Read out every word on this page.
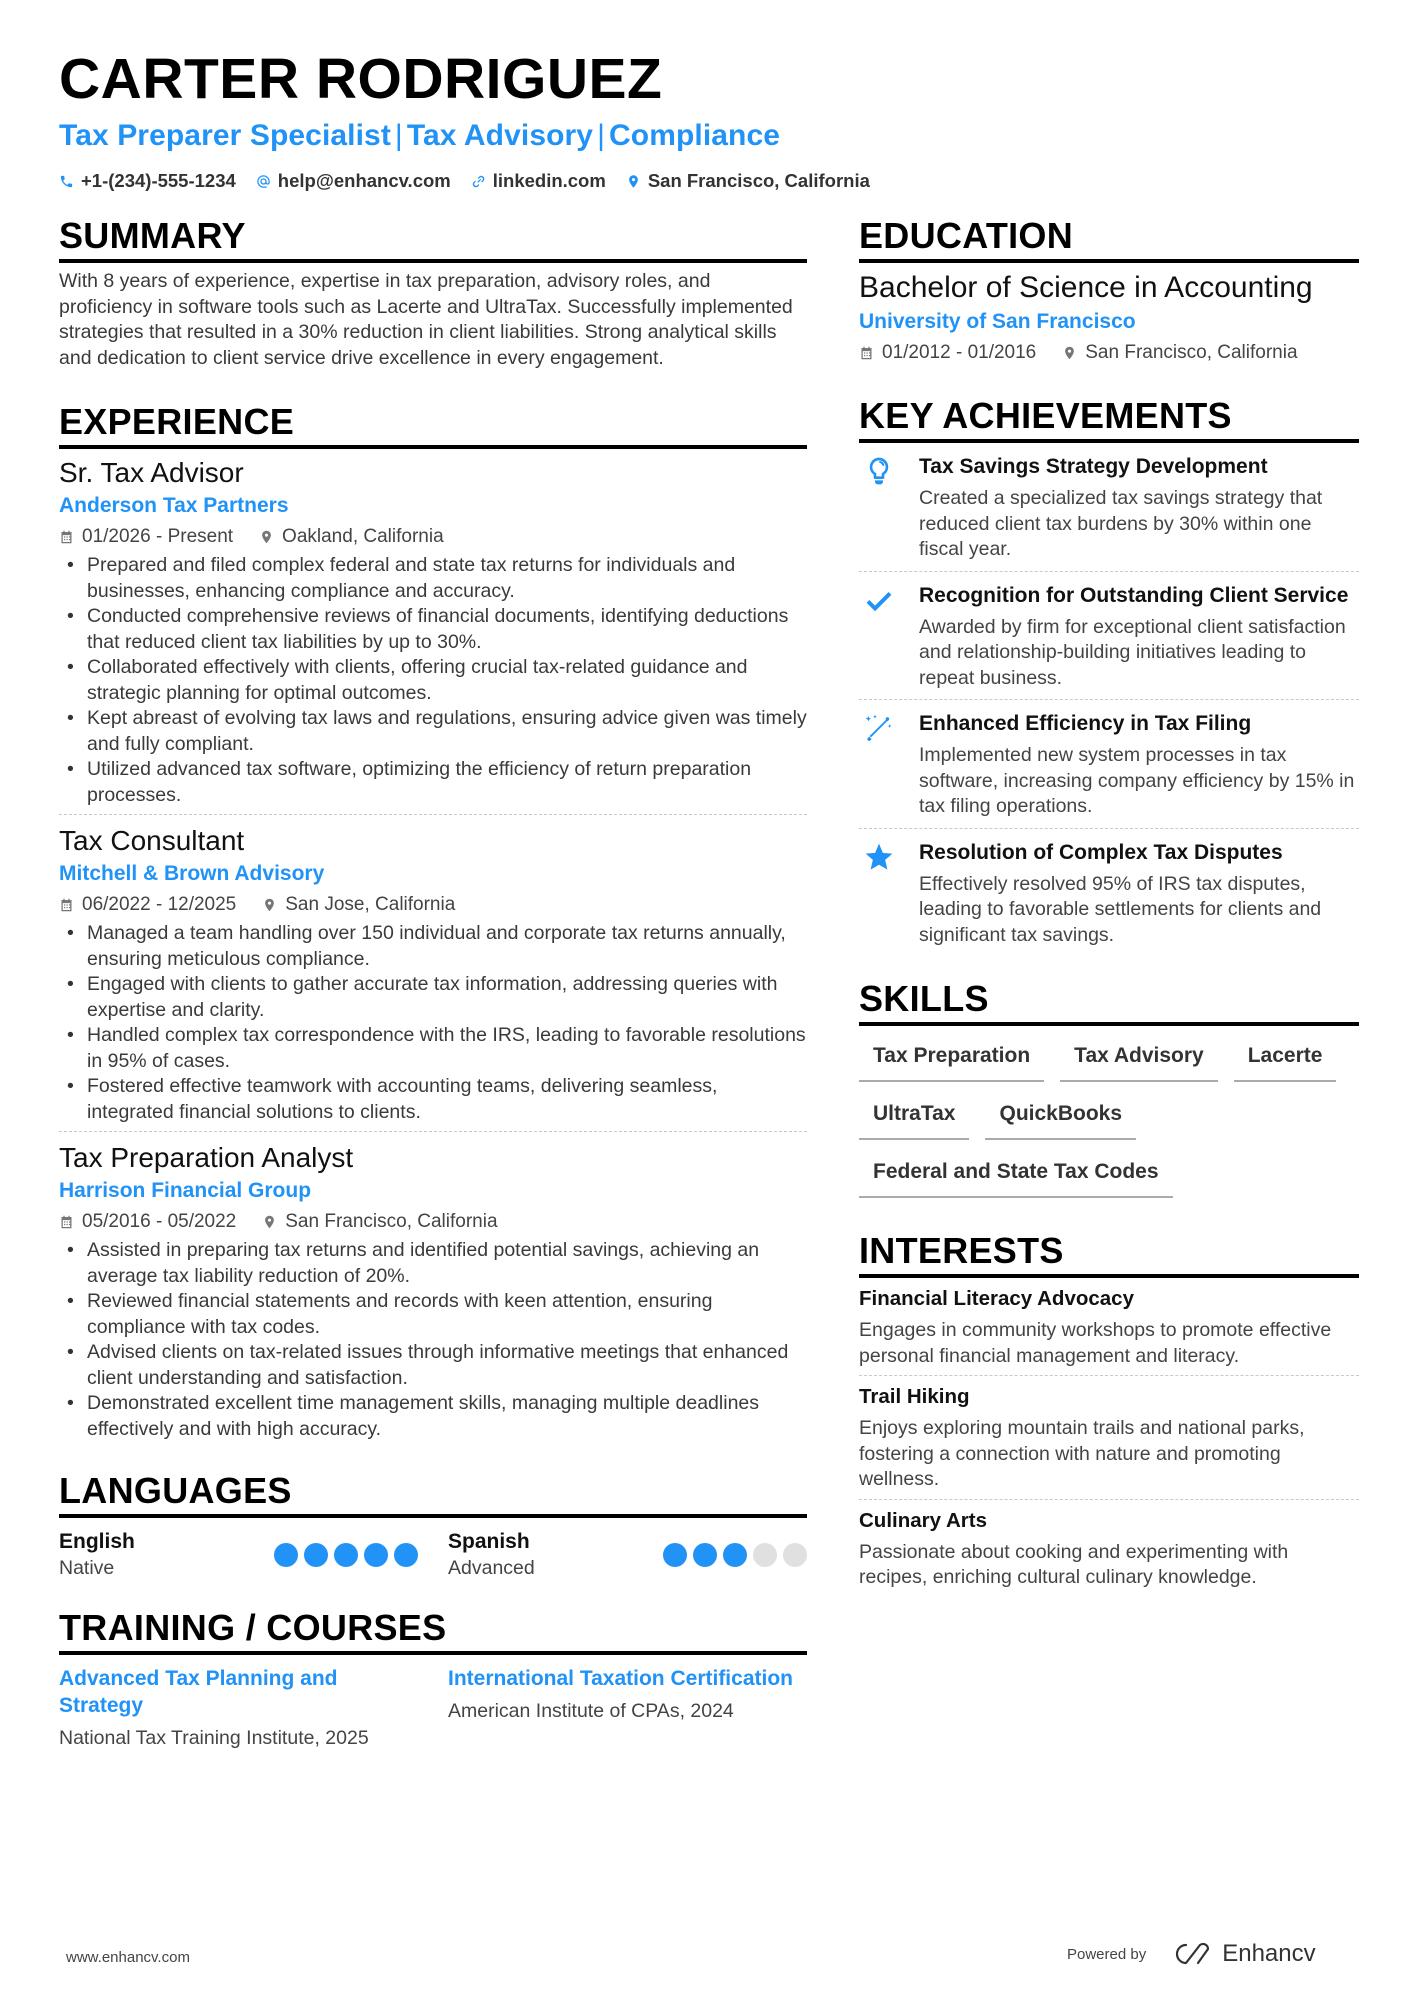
CARTER RODRIGUEZ
Tax Preparer Specialist | Tax Advisory | Compliance
+1-(234)-555-1234 help@enhancv.com linkedin.com San Francisco, California
SUMMARY
With 8 years of experience, expertise in tax preparation, advisory roles, and proficiency in software tools such as Lacerte and UltraTax. Successfully implemented strategies that resulted in a 30% reduction in client liabilities. Strong analytical skills and dedication to client service drive excellence in every engagement.
EXPERIENCE
Sr. Tax Advisor
Anderson Tax Partners
01/2026 - Present	Oakland, California
• Prepared and filed complex federal and state tax returns for individuals and businesses, enhancing compliance and accuracy.
• Conducted comprehensive reviews of financial documents, identifying deductions that reduced client tax liabilities by up to 30%.
• Collaborated effectively with clients, offering crucial tax-related guidance and strategic planning for optimal outcomes.
• Kept abreast of evolving tax laws and regulations, ensuring advice given was timely and fully compliant.
• Utilized advanced tax software, optimizing the efficiency of return preparation processes.
Tax Consultant
Mitchell & Brown Advisory
06/2022 - 12/2025	San Jose, California
• Managed a team handling over 150 individual and corporate tax returns annually, ensuring meticulous compliance.
• Engaged with clients to gather accurate tax information, addressing queries with expertise and clarity.
• Handled complex tax correspondence with the IRS, leading to favorable resolutions in 95% of cases.
• Fostered effective teamwork with accounting teams, delivering seamless, integrated financial solutions to clients.
Tax Preparation Analyst
Harrison Financial Group
05/2016 - 05/2022	San Francisco, California
• Assisted in preparing tax returns and identified potential savings, achieving an average tax liability reduction of 20%.
• Reviewed financial statements and records with keen attention, ensuring compliance with tax codes.
• Advised clients on tax-related issues through informative meetings that enhanced client understanding and satisfaction.
• Demonstrated excellent time management skills, managing multiple deadlines effectively and with high accuracy.
LANGUAGES
English
Native
Spanish
Advanced
TRAINING / COURSES
Advanced Tax Planning and Strategy
National Tax Training Institute, 2025
International Taxation Certification
American Institute of CPAs, 2024
EDUCATION
Bachelor of Science in Accounting
University of San Francisco
01/2012 - 01/2016	San Francisco, California
KEY ACHIEVEMENTS
Tax Savings Strategy Development
Created a specialized tax savings strategy that reduced client tax burdens by 30% within one fiscal year.
Recognition for Outstanding Client Service
Awarded by firm for exceptional client satisfaction and relationship-building initiatives leading to repeat business.
Enhanced Efficiency in Tax Filing
Implemented new system processes in tax software, increasing company efficiency by 15% in tax filing operations.
Resolution of Complex Tax Disputes
Effectively resolved 95% of IRS tax disputes, leading to favorable settlements for clients and significant tax savings.
SKILLS
Tax Preparation	Tax Advisory	Lacerte
UltraTax	QuickBooks
Federal and State Tax Codes
INTERESTS
Financial Literacy Advocacy
Engages in community workshops to promote effective personal financial management and literacy.
Trail Hiking
Enjoys exploring mountain trails and national parks, fostering a connection with nature and promoting wellness.
Culinary Arts
Passionate about cooking and experimenting with recipes, enriching cultural culinary knowledge.
www.enhancv.com	Powered by	Enhancv
